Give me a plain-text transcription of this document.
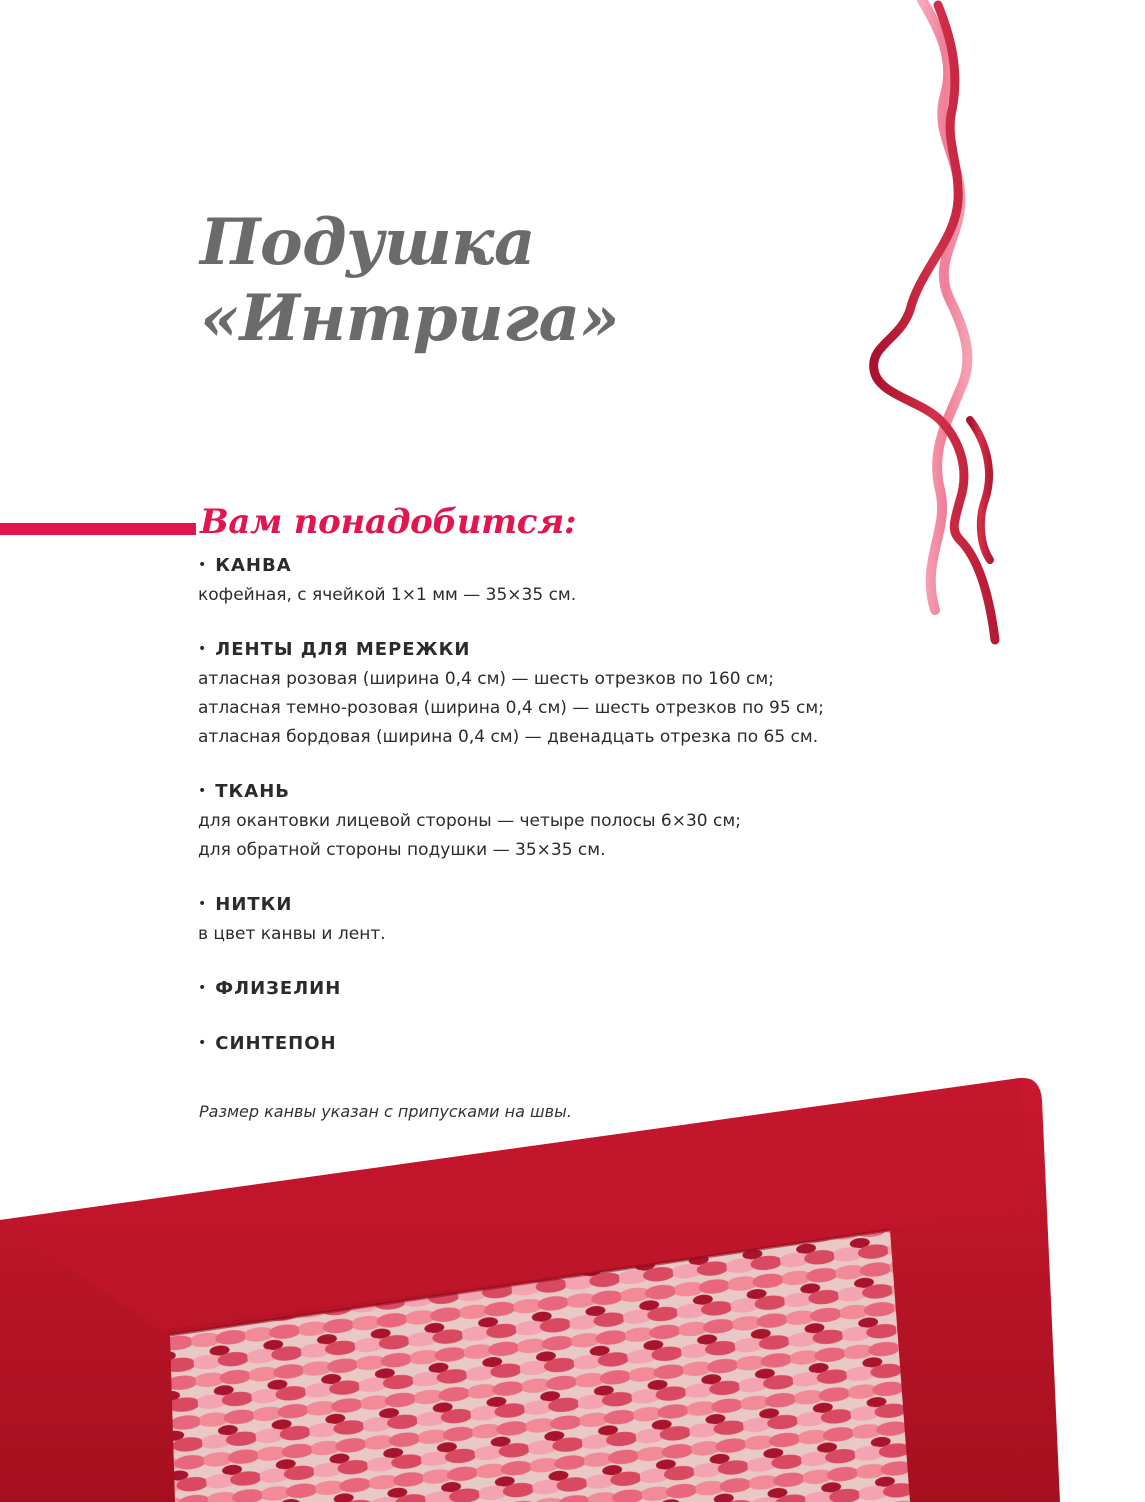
Подушка
«Интрига»
Вам понадобится:
• КАНВА
кофейная, с ячейкой 1×1 мм — 35×35 см.
• ЛЕНТЫ ДЛЯ МЕРЕЖКИ
атласная розовая (ширина 0,4 см) — шесть отрезков по 160 см;
атласная темно-розовая (ширина 0,4 см) — шесть отрезков по 95 см;
атласная бордовая (ширина 0,4 см) — двенадцать отрезка по 65 см.
• ТКАНЬ
для окантовки лицевой стороны — четыре полосы 6×30 см;
для обратной стороны подушки — 35×35 см.
• НИТКИ
в цвет канвы и лент.
• ФЛИЗЕЛИН
• СИНТЕПОН
Размер канвы указан с припусками на швы.
